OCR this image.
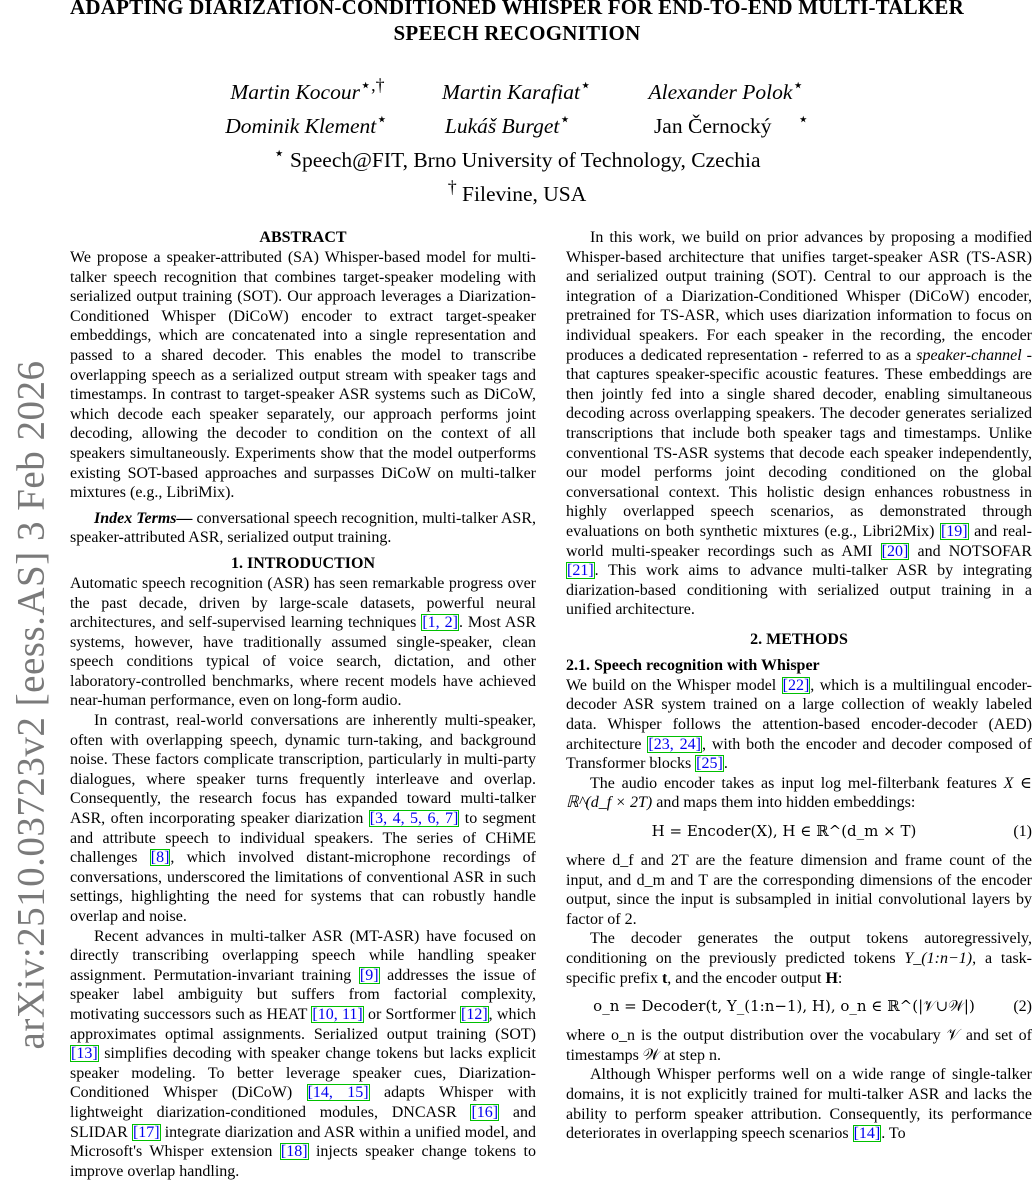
ADAPTING DIARIZATION-CONDITIONED WHISPER FOR END-TO-END MULTI-TALKER
SPEECH RECOGNITION
Martin Kocour⋆,†	Martin Karafiat⋆	Alexander Polok⋆
Dominik Klement⋆	Lukáš Burget⋆	Jan Černocký ⋆
⋆ Speech@FIT, Brno University of Technology, Czechia
† Filevine, USA
arXiv:2510.03723v2 [eess.AS] 3 Feb 2026
ABSTRACT

We propose a speaker-attributed (SA) Whisper-based model for multi-talker speech recognition that combines target-speaker modeling with serialized output training (SOT). Our approach leverages a Diarization-Conditioned Whisper (DiCoW) encoder to extract target-speaker embeddings, which are concatenated into a single representation and passed to a shared decoder. This enables the model to transcribe overlapping speech as a serialized output stream with speaker tags and timestamps. In contrast to target-speaker ASR systems such as DiCoW, which decode each speaker separately, our approach performs joint decoding, allowing the decoder to condition on the context of all speakers simultaneously. Experiments show that the model outperforms existing SOT-based approaches and surpasses DiCoW on multi-talker mixtures (e.g., LibriMix).

Index Terms— conversational speech recognition, multi-talker ASR, speaker-attributed ASR, serialized output training.

1. INTRODUCTION

Automatic speech recognition (ASR) has seen remarkable progress over the past decade, driven by large-scale datasets, powerful neural architectures, and self-supervised learning techniques [1, 2]. Most ASR systems, however, have traditionally assumed single-speaker, clean speech conditions typical of voice search, dictation, and other laboratory-controlled benchmarks, where recent models have achieved near-human performance, even on long-form audio.

In contrast, real-world conversations are inherently multi-speaker, often with overlapping speech, dynamic turn-taking, and background noise. These factors complicate transcription, particularly in multi-party dialogues, where speaker turns frequently interleave and overlap. Consequently, the research focus has expanded toward multi-talker ASR, often incorporating speaker diarization [3, 4, 5, 6, 7] to segment and attribute speech to individual speakers. The series of CHiME challenges [8], which involved distant-microphone recordings of conversations, underscored the limitations of conventional ASR in such settings, highlighting the need for systems that can robustly handle overlap and noise.

Recent advances in multi-talker ASR (MT-ASR) have focused on directly transcribing overlapping speech while handling speaker assignment. Permutation-invariant training [9] addresses the issue of speaker label ambiguity but suffers from factorial complexity, motivating successors such as HEAT [10, 11] or Sortformer [12], which approximates optimal assignments. Serialized output training (SOT) [13] simplifies decoding with speaker change tokens but lacks explicit speaker modeling. To better leverage speaker cues, Diarization-Conditioned Whisper (DiCoW) [14, 15] adapts Whisper with lightweight diarization-conditioned modules, DNCASR [16] and SLIDAR [17] integrate diarization and ASR within a unified model, and Microsoft's Whisper extension [18] injects speaker change tokens to improve overlap handling.

In this work, we build on prior advances by proposing a modified Whisper-based architecture that unifies target-speaker ASR (TS-ASR) and serialized output training (SOT). Central to our approach is the integration of a Diarization-Conditioned Whisper (DiCoW) encoder, pretrained for TS-ASR, which uses diarization information to focus on individual speakers. For each speaker in the recording, the encoder produces a dedicated representation - referred to as a speaker-channel - that captures speaker-specific acoustic features. These embeddings are then jointly fed into a single shared decoder, enabling simultaneous decoding across overlapping speakers. The decoder generates serialized transcriptions that include both speaker tags and timestamps. Unlike conventional TS-ASR systems that decode each speaker independently, our model performs joint decoding conditioned on the global conversational context. This holistic design enhances robustness in highly overlapped speech scenarios, as demonstrated through evaluations on both synthetic mixtures (e.g., Libri2Mix) [19] and real-world multi-speaker recordings such as AMI [20] and NOTSOFAR [21]. This work aims to advance multi-talker ASR by integrating diarization-based conditioning with serialized output training in a unified architecture.

2. METHODS
2.1. Speech recognition with Whisper

We build on the Whisper model [22], which is a multilingual encoder-decoder ASR system trained on a large collection of weakly labeled data. Whisper follows the attention-based encoder-decoder (AED) architecture [23, 24], with both the encoder and decoder composed of Transformer blocks [25].

The audio encoder takes as input log mel-filterbank features X ∈ ℝ^(d_f × 2T) and maps them into hidden embeddings:

H = Encoder(X), H ∈ ℝ^(d_m × T)	(1)

where d_f and 2T are the feature dimension and frame count of the input, and d_m and T are the corresponding dimensions of the encoder output, since the input is subsampled in initial convolutional layers by factor of 2.

The decoder generates the output tokens autoregressively, conditioning on the previously predicted tokens Y_(1:n−1), a task-specific prefix t, and the encoder output H:

o_n = Decoder(t, Y_(1:n−1), H), o_n ∈ ℝ^(|𝒱∪𝒲|)	(2)

where o_n is the output distribution over the vocabulary 𝒱 and set of timestamps 𝒲 at step n.

Although Whisper performs well on a wide range of single-talker domains, it is not explicitly trained for multi-talker ASR and lacks the ability to perform speaker attribution. Consequently, its performance deteriorates in overlapping speech scenarios [14]. To
